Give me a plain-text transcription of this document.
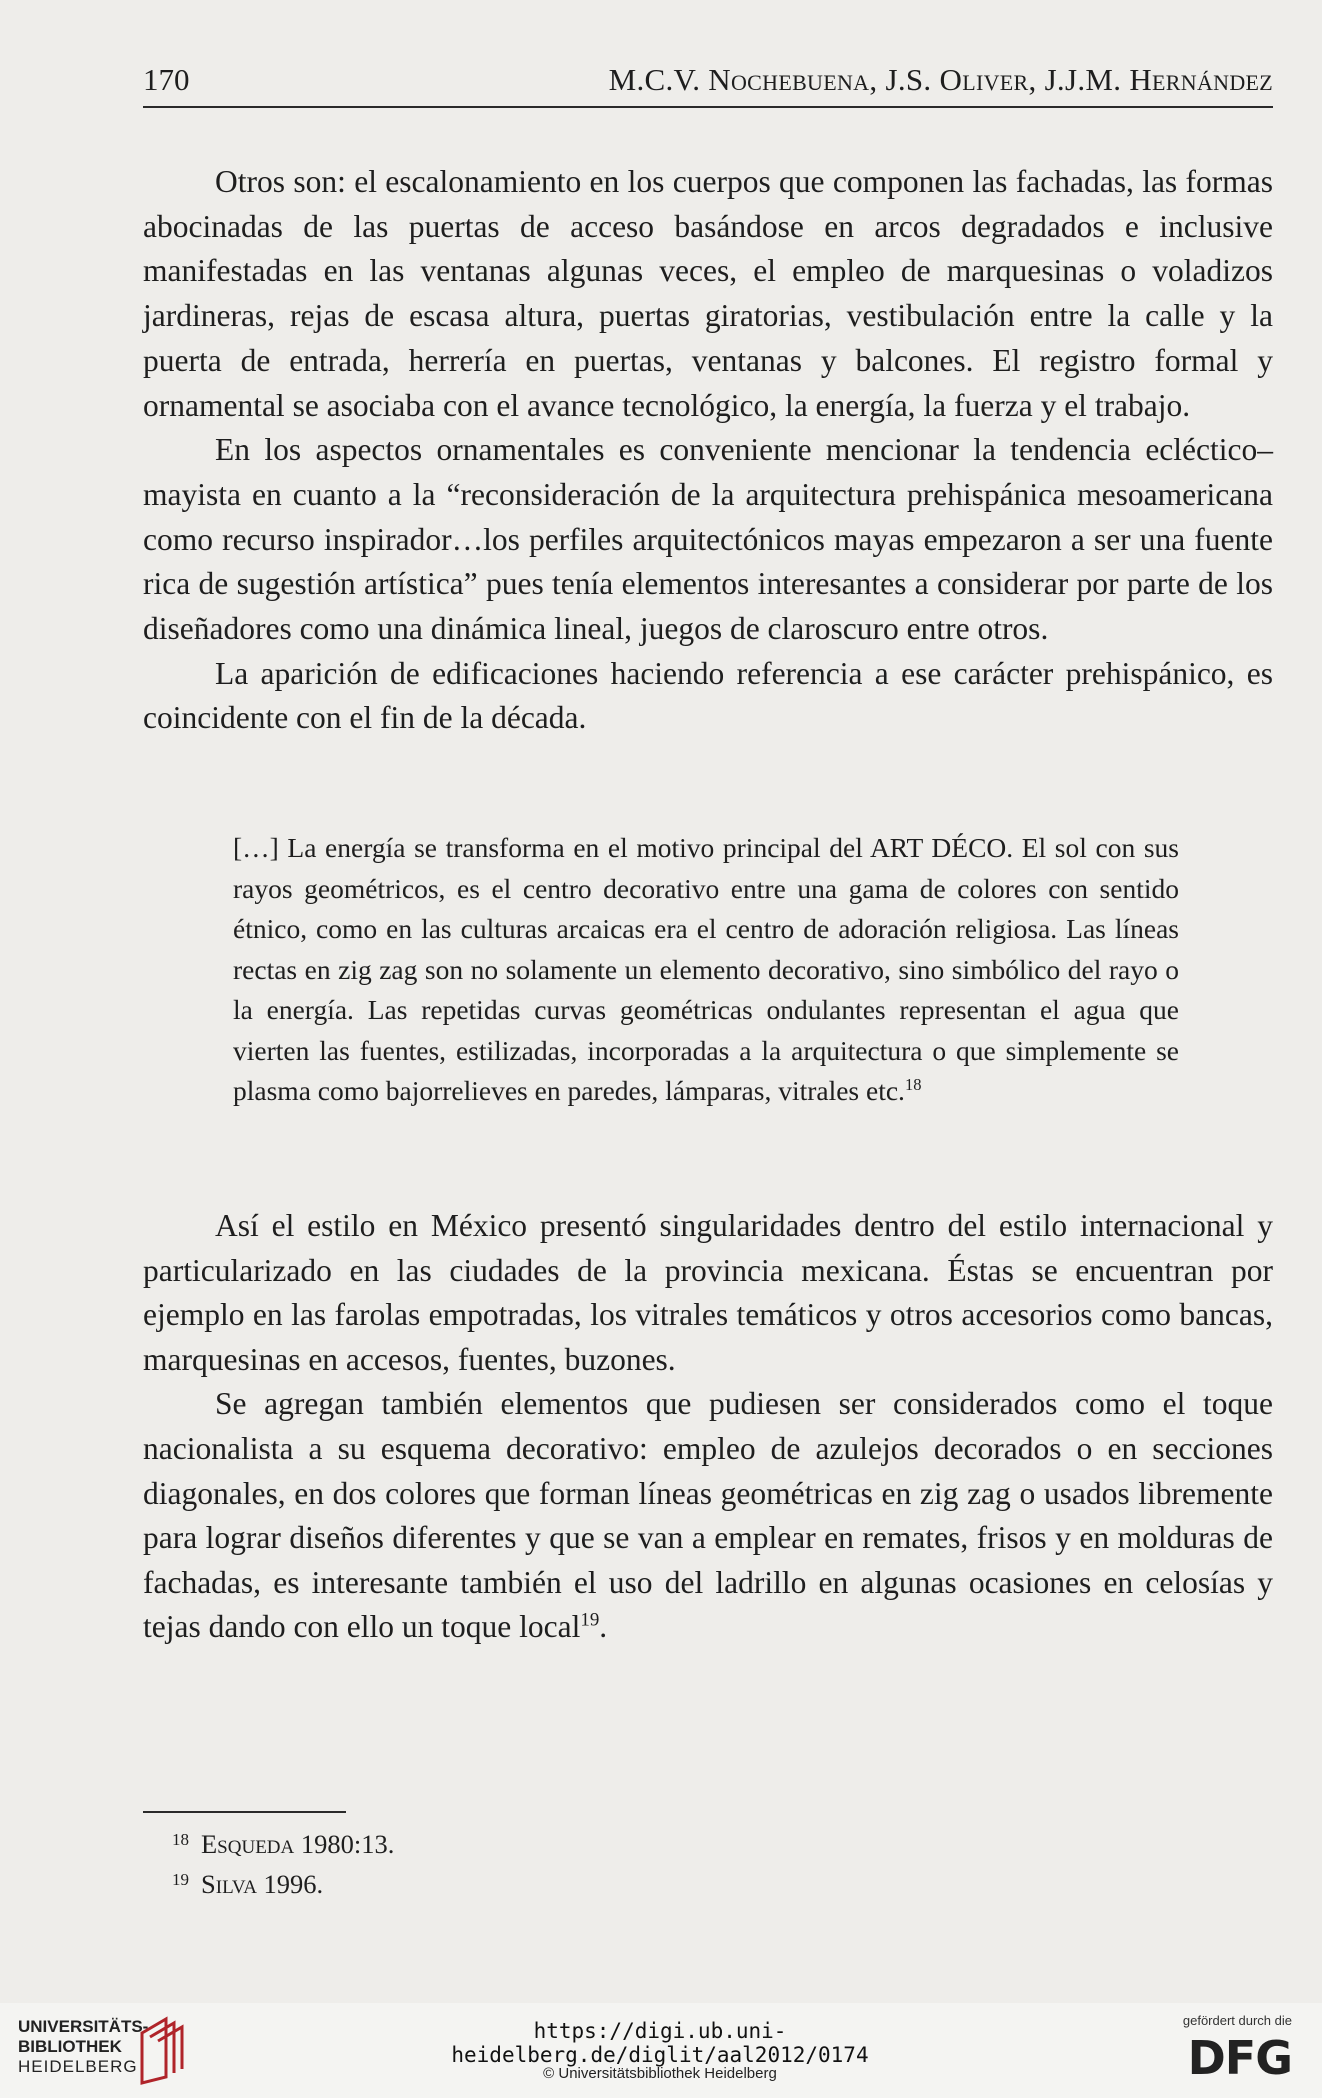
170	M.C.V. Nochebuena, J.S. Oliver, J.J.M. Hernández

Otros son: el escalonamiento en los cuerpos que componen las fachadas, las formas abocinadas de las puertas de acceso basándose en arcos degradados e inclusive manifestadas en las ventanas algunas veces, el empleo de marquesinas o voladizos jardineras, rejas de escasa altura, puertas giratorias, vestibulación entre la calle y la puerta de entrada, herrería en puertas, ventanas y balcones. El registro formal y ornamental se asociaba con el avance tecnológico, la energía, la fuerza y el trabajo.

En los aspectos ornamentales es conveniente mencionar la tendencia ecléctico– mayista en cuanto a la “reconsideración de la arquitectura prehispánica mesoamericana como recurso inspirador…los perfiles arquitectónicos mayas empezaron a ser una fuente rica de sugestión artística” pues tenía elementos interesantes a considerar por parte de los diseñadores como una dinámica lineal, juegos de claroscuro entre otros.

La aparición de edificaciones haciendo referencia a ese carácter prehispánico, es coincidente con el fin de la década.

[…] La energía se transforma en el motivo principal del ART DÉCO. El sol con sus rayos geométricos, es el centro decorativo entre una gama de colores con sentido étnico, como en las culturas arcaicas era el centro de adoración religiosa. Las líneas rectas en zig zag son no solamente un elemento decorativo, sino simbólico del rayo o la energía. Las repetidas curvas geométricas ondulantes representan el agua que vierten las fuentes, estilizadas, incorporadas a la arquitectura o que simplemente se plasma como bajorrelieves en paredes, lámparas, vitrales etc.$^{18}$

Así el estilo en México presentó singularidades dentro del estilo internacional y particularizado en las ciudades de la provincia mexicana. Éstas se encuentran por ejemplo en las farolas empotradas, los vitrales temáticos y otros accesorios como bancas, marquesinas en accesos, fuentes, buzones.

Se agregan también elementos que pudiesen ser considerados como el toque nacionalista a su esquema decorativo: empleo de azulejos decorados o en secciones diagonales, en dos colores que forman líneas geométricas en zig zag o usados libremente para lograr diseños diferentes y que se van a emplear en remates, frisos y en molduras de fachadas, es interesante también el uso del ladrillo en algunas ocasiones en celosías y tejas dando con ello un toque local$^{19}$.

$^{18}$ Esqueda 1980:13.
$^{19}$ Silva 1996.
UNIVERSITÄTS-
BIBLIOTHEK
HEIDELBERG
https://digi.ub.uni-heidelberg.de/diglit/aal2012/0174
© Universitätsbibliothek Heidelberg
gefördert durch die
DFG
